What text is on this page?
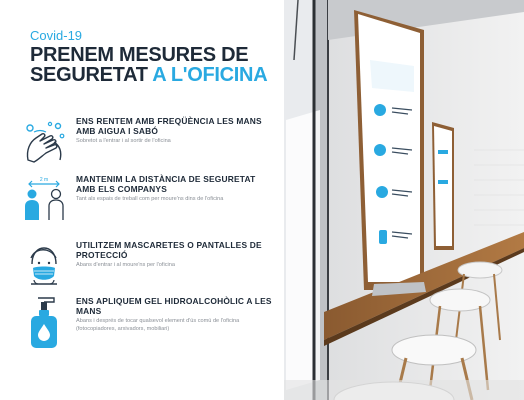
Covid-19
PRENEM MESURES DE
SEGURETAT A L'OFICINA
ENS RENTEM AMB FREQÜÈNCIA LES MANS AMB AIGUA I SABÓ
Sobretot a l'entrar i al sortir de l'oficina
2 m	MANTENIM LA DISTÀNCIA DE SEGURETAT AMB ELS COMPANYS
Tant als espais de treball com per moure'ns dins de l'oficina
UTILITZEM MASCARETES O PANTALLES DE PROTECCIÓ
Abans d'entrar i al moure'ns per l'oficina
ENS APLIQUEM GEL HIDROALCOHÒLIC A LES MANS
Abans i després de tocar qualsevol element d'ús comú de l'oficina (fotocopiadores, arxivadors, mobiliari)
